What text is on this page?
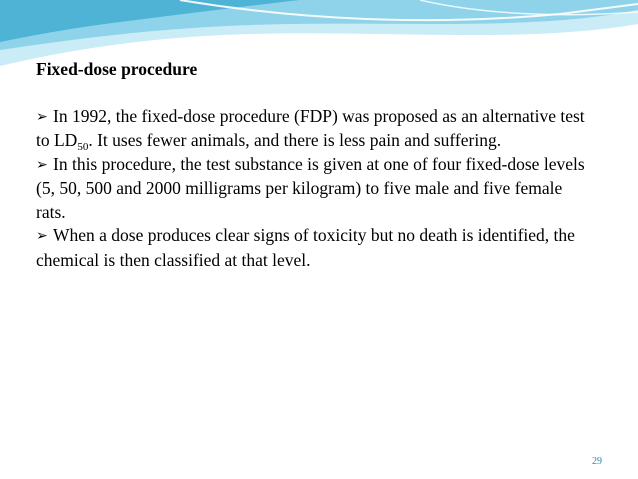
Fixed-dose procedure

➢ In 1992, the fixed-dose procedure (FDP) was proposed as an alternative test to $LD_{50}$. It uses fewer animals, and there is less pain and suffering.

➢ In this procedure, the test substance is given at one of four fixed-dose levels (5, 50, 500 and 2000 milligrams per kilogram) to five male and five female rats.

➢ When a dose produces clear signs of toxicity but no death is identified, the chemical is then classified at that level.

29
